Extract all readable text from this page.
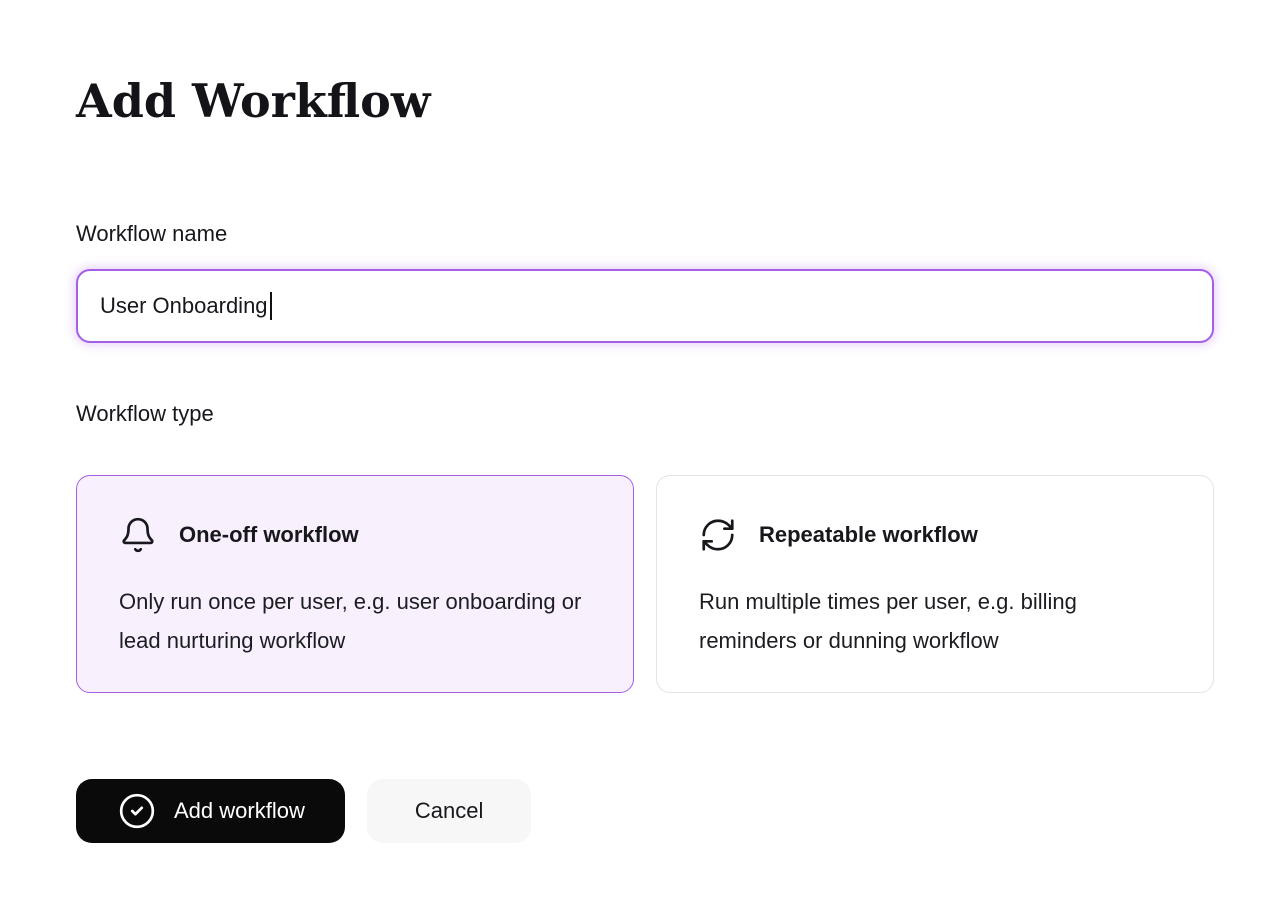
Add Workflow
Workflow name
User Onboarding
Workflow type
One-off workflow

Only run once per user, e.g. user onboarding or lead nurturing workflow

Repeatable workflow

Run multiple times per user, e.g. billing reminders or dunning workflow

Add workflow	Cancel
